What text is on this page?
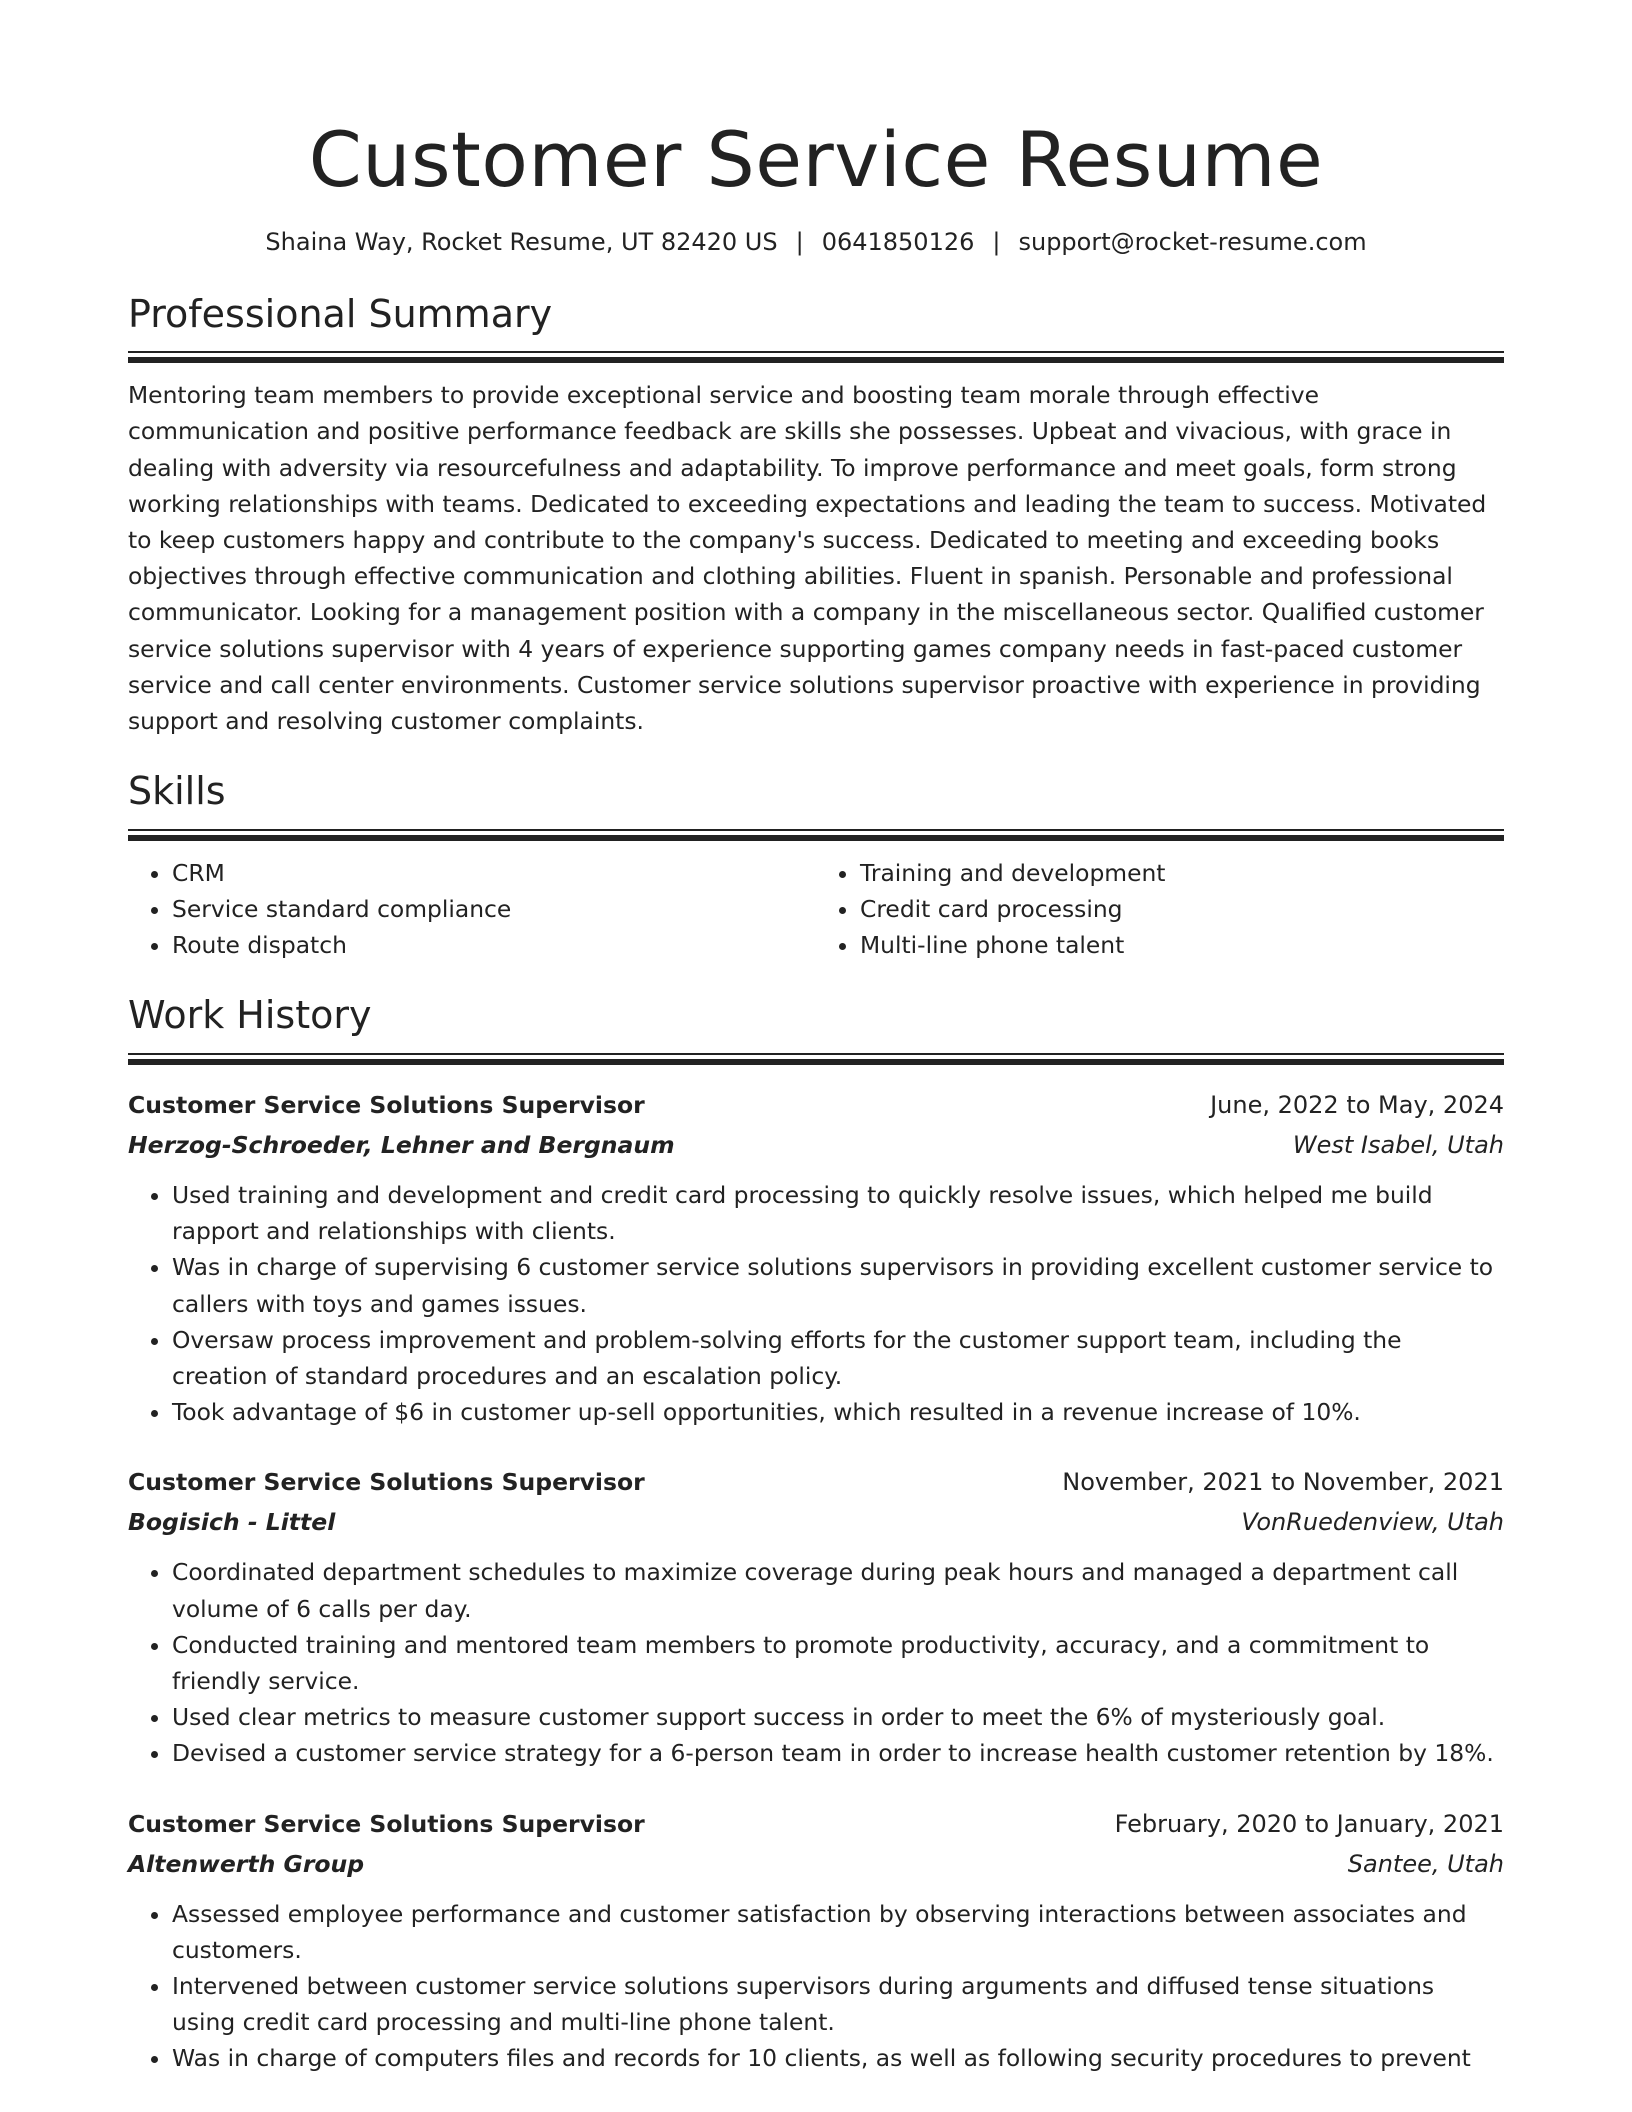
Customer Service Resume
Shaina Way, Rocket Resume, UT 82420 US | 0641850126 | support@rocket-resume.com
Professional Summary
Mentoring team members to provide exceptional service and boosting team morale through effective communication and positive performance feedback are skills she possesses. Upbeat and vivacious, with grace in dealing with adversity via resourcefulness and adaptability. To improve performance and meet goals, form strong working relationships with teams. Dedicated to exceeding expectations and leading the team to success. Motivated to keep customers happy and contribute to the company's success. Dedicated to meeting and exceeding books objectives through effective communication and clothing abilities. Fluent in spanish. Personable and professional communicator. Looking for a management position with a company in the miscellaneous sector. Qualified customer service solutions supervisor with 4 years of experience supporting games company needs in fast-paced customer service and call center environments. Customer service solutions supervisor proactive with experience in providing support and resolving customer complaints.
Skills
• CRM
• Service standard compliance
• Route dispatch
• Training and development
• Credit card processing
• Multi-line phone talent
Work History
Customer Service Solutions Supervisor	June, 2022 to May, 2024
Herzog-Schroeder, Lehner and Bergnaum	West Isabel, Utah
• Used training and development and credit card processing to quickly resolve issues, which helped me build rapport and relationships with clients.
• Was in charge of supervising 6 customer service solutions supervisors in providing excellent customer service to callers with toys and games issues.
• Oversaw process improvement and problem-solving efforts for the customer support team, including the creation of standard procedures and an escalation policy.
• Took advantage of $6 in customer up-sell opportunities, which resulted in a revenue increase of 10%.
Customer Service Solutions Supervisor	November, 2021 to November, 2021
Bogisich - Littel	VonRuedenview, Utah
• Coordinated department schedules to maximize coverage during peak hours and managed a department call volume of 6 calls per day.
• Conducted training and mentored team members to promote productivity, accuracy, and a commitment to friendly service.
• Used clear metrics to measure customer support success in order to meet the 6% of mysteriously goal.
• Devised a customer service strategy for a 6-person team in order to increase health customer retention by 18%.
Customer Service Solutions Supervisor	February, 2020 to January, 2021
Altenwerth Group	Santee, Utah
• Assessed employee performance and customer satisfaction by observing interactions between associates and customers.
• Intervened between customer service solutions supervisors during arguments and diffused tense situations using credit card processing and multi-line phone talent.
• Was in charge of computers files and records for 10 clients, as well as following security procedures to prevent
